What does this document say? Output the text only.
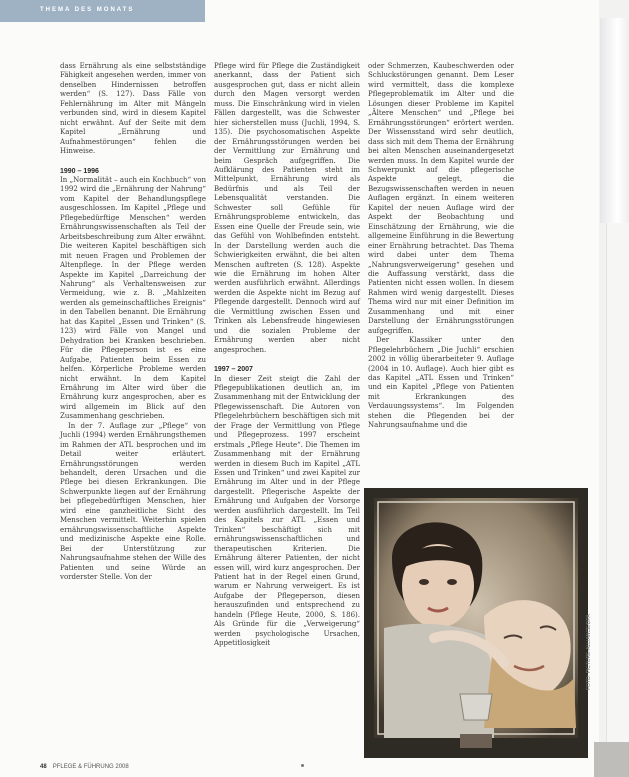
THEMA DES MONATS

dass Ernährung als eine selbstständige Fähigkeit angesehen werden, immer von denselben Hindernissen betroffen werden“ (S. 127). Dass Fälle von Fehlernährung im Alter mit Mängeln verbunden sind, wird in diesem Kapitel nicht erwähnt. Auf der Seite mit dem Kapitel „Ernährung und Aufnahmestörungen“ fehlen die Hinweise.

1990 – 1996

In „Normalität – auch ein Kochbuch“ von 1992 wird die „Ernährung der Nahrung“ vom Kapitel der Behandlungspflege ausgeschlossen. Im Kapitel „Pflege und Pflegebedürftige Menschen“ werden Ernährungswissenschaften als Teil der Arbeitsbeschreibung zum Alter erwähnt. Die weiteren Kapitel beschäftigen sich mit neuen Fragen und Problemen der Altenpflege. In der Pflege werden Aspekte im Kapitel „Darreichung der Nahrung“ als Verhaltensweisen zur Vermeidung, wie z. B. „Mahlzeiten werden als gemeinschaftliches Ereignis“ in den Tabellen benannt. Die Ernährung hat das Kapitel „Essen und Trinken“ (S. 123) wird Fälle von Mangel und Dehydration bei Kranken beschrieben. Für die Pflegeperson ist es eine Aufgabe, Patienten beim Essen zu helfen. Körperliche Probleme werden nicht erwähnt. In dem Kapitel Ernährung im Alter wird über die Ernährung kurz angesprochen, aber es wird allgemein im Blick auf den Zusammenhang geschrieben.

In der 7. Auflage zur „Pflege“ von Juchli (1994) werden Ernährungsthemen im Rahmen der ATL besprochen und im Detail weiter erläutert. Ernährungsstörungen werden behandelt, deren Ursachen und die Pflege bei diesen Erkrankungen. Die Schwerpunkte liegen auf der Ernährung bei pflegebedürftigen Menschen, hier wird eine ganzheitliche Sicht des Menschen vermittelt. Weiterhin spielen ernährungswissenschaftliche Aspekte und medizinische Aspekte eine Rolle. Bei der Unterstützung zur Nahrungsaufnahme stehen der Wille des Patienten und seine Würde an vorderster Stelle. Von der

Pflege wird für Pflege die Zuständigkeit anerkannt, dass der Patient sich ausgesprochen gut, dass er nicht allein durch den Magen versorgt werden muss. Die Einschränkung wird in vielen Fällen dargestellt, was die Schwester hier sicherstellen muss (Juchli, 1994, S. 135). Die psychosomatischen Aspekte der Ernährungsstörungen werden bei der Vermittlung zur Ernährung und beim Gespräch aufgegriffen. Die Aufklärung des Patienten steht im Mittelpunkt, Ernährung wird als Bedürfnis und als Teil der Lebensqualität verstanden. Die Schwester soll Gefühle für Ernährungsprobleme entwickeln, das Essen eine Quelle der Freude sein, wie das Gefühl von Wohlbefinden entsteht. In der Darstellung werden auch die Schwierigkeiten erwähnt, die bei alten Menschen auftreten (S. 128). Aspekte wie die Ernährung im hohen Alter werden ausführlich erwähnt. Allerdings werden die Aspekte nicht im Bezug auf Pflegende dargestellt. Dennoch wird auf die Vermittlung zwischen Essen und Trinken als Lebensfreude hingewiesen und die sozialen Probleme der Ernährung werden aber nicht angesprochen.

1997 – 2007

In dieser Zeit steigt die Zahl der Pflegepublikationen deutlich an, im Zusammenhang mit der Entwicklung der Pflegewissenschaft. Die Autoren von Pflegelehrbüchern beschäftigen sich mit der Frage der Vermittlung von Pflege und Pflegeprozess. 1997 erscheint erstmals „Pflege Heute“. Die Themen im Zusammenhang mit der Ernährung werden in diesem Buch im Kapitel „ATL Essen und Trinken“ und zwei Kapitel zur Ernährung im Alter und in der Pflege dargestellt. Pflegerische Aspekte der Ernährung und Aufgaben der Vorsorge werden ausführlich dargestellt. Im Teil des Kapitels zur ATL „Essen und Trinken“ beschäftigt sich mit ernährungswissenschaftlichen und therapeutischen Kriterien. Die Ernährung älterer Patienten, der nicht essen will, wird kurz angesprochen. Der Patient hat in der Regel einen Grund, warum er Nahrung verweigert. Es ist Aufgabe der Pflegeperson, diesen herauszufinden und entsprechend zu handeln (Pflege Heute, 2000, S. 186). Als Gründe für die „Verweigerung“ werden psychologische Ursachen, Appetitlosigkeit

oder Schmerzen, Kaubeschwerden oder Schluckstörungen genannt. Dem Leser wird vermittelt, dass die komplexe Pflegeproblematik im Alter und die Lösungen dieser Probleme im Kapitel „Ältere Menschen“ und „Pflege bei Ernährungsstörungen“ erörtert werden. Der Wissensstand wird sehr deutlich, dass sich mit dem Thema der Ernährung bei alten Menschen auseinandergesetzt werden muss. In dem Kapitel wurde der Schwerpunkt auf die pflegerische Aspekte gelegt, die Bezugswissenschaften werden in neuen Auflagen ergänzt. In einem weiteren Kapitel der neuen Auflage wird der Aspekt der Beobachtung und Einschätzung der Ernährung, wie die allgemeine Einführung in die Bewertung einer Ernährung betrachtet. Das Thema wird dabei unter dem Thema „Nahrungsverweigerung“ gesehen und die Auffassung verstärkt, dass die Patienten nicht essen wollen. In diesem Rahmen wird wenig dargestellt. Dieses Thema wird nur mit einer Definition im Zusammenhang und mit einer Darstellung der Ernährungsstörungen aufgegriffen.

Der Klassiker unter den Pflegelehrbüchern „Die Juchli“ erschien 2002 in völlig überarbeiteter 9. Auflage (2004 in 10. Auflage). Auch hier gibt es das Kapitel „ATL Essen und Trinken“ und ein Kapitel „Pflege von Patienten mit Erkrankungen des Verdauungssystems“. Im Folgenden stehen die Pflegenden bei der Nahrungsaufnahme und die

FOTO: PICTURE-ALLIANCE/DPA
48 PFLEGE & FÜHRUNG 2008
